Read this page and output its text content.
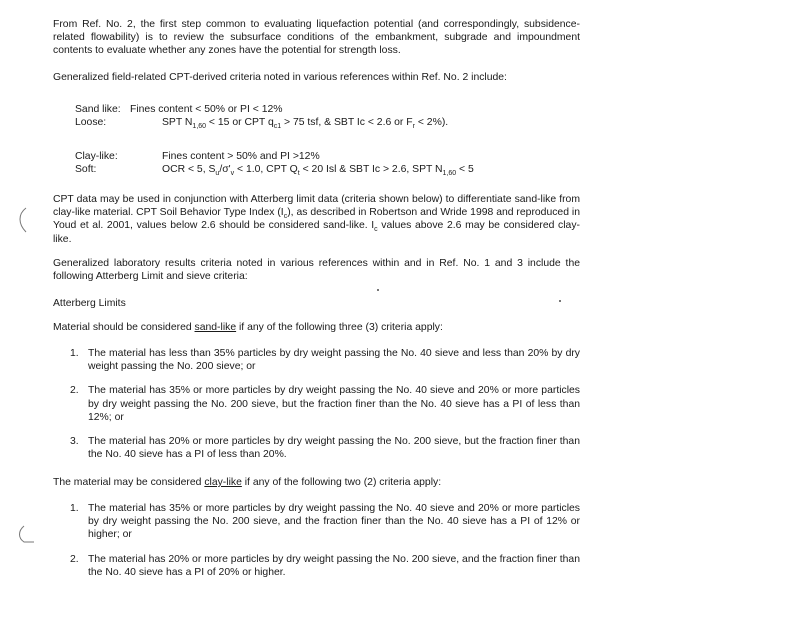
From Ref. No. 2, the first step common to evaluating liquefaction potential (and correspondingly, subsidence-related flowability) is to review the subsurface conditions of the embankment, subgrade and impoundment contents to evaluate whether any zones have the potential for strength loss.

Generalized field-related CPT-derived criteria noted in various references within Ref. No. 2 include:

Sand like: Fines content < 50% or PI < 12%
Loose:	SPT $N_{1,60} < 15$ or CPT $q_{c1} > 75$ tsf, & SBT Ic < 2.6 or $F_r < 2\%$).
Clay-like:	Fines content > 50% and PI >12%
Soft:	OCR < 5, $S_u/\sigma'_v < 1.0$, CPT $Q_t < 20$ Isl & SBT Ic > 2.6, SPT $N_{1,60} < 5$

CPT data may be used in conjunction with Atterberg limit data (criteria shown below) to differentiate sand-like from clay-like material. CPT Soil Behavior Type Index $(I_c)$, as described in Robertson and Wride 1998 and reproduced in Youd et al. 2001, values below 2.6 should be considered sand-like. $I_c$ values above 2.6 may be considered clay-like.

Generalized laboratory results criteria noted in various references within and in Ref. No. 1 and 3 include the following Atterberg Limit and sieve criteria:

Atterberg Limits

Material should be considered sand-like if any of the following three (3) criteria apply:

1. The material has less than 35% particles by dry weight passing the No. 40 sieve and less than 20% by dry weight passing the No. 200 sieve; or
2. The material has 35% or more particles by dry weight passing the No. 40 sieve and 20% or more particles by dry weight passing the No. 200 sieve, but the fraction finer than the No. 40 sieve has a PI of less than 12%; or
3. The material has 20% or more particles by dry weight passing the No. 200 sieve, but the fraction finer than the No. 40 sieve has a PI of less than 20%.

The material may be considered clay-like if any of the following two (2) criteria apply:

1. The material has 35% or more particles by dry weight passing the No. 40 sieve and 20% or more particles by dry weight passing the No. 200 sieve, and the fraction finer than the No. 40 sieve has a PI of 12% or higher; or
2. The material has 20% or more particles by dry weight passing the No. 200 sieve, and the fraction finer than the No. 40 sieve has a PI of 20% or higher.
